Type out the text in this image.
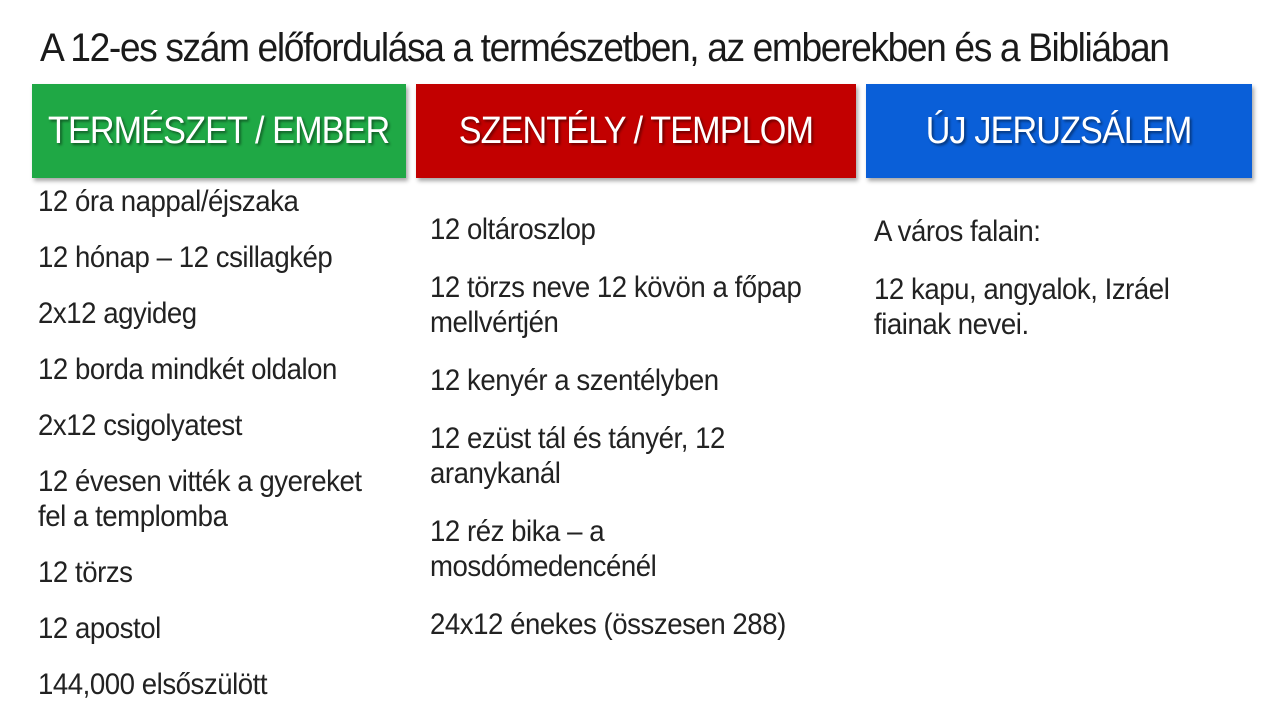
A 12-es szám előfordulása a természetben, az emberekben és a Bibliában
TERMÉSZET / EMBER SZENTÉLY / TEMPLOM	ÚJ JERUZSÁLEM
12 óra nappal/éjszaka
12 hónap – 12 csillagkép
2x12 agyideg
12 borda mindkét oldalon
2x12 csigolyatest
12 évesen vitték a gyereket fel a templomba
12 törzs
12 apostol
144,000 elsőszülött
12 oltároszlop
12 törzs neve 12 kövön a főpap mellvértjén
12 kenyér a szentélyben
12 ezüst tál és tányér, 12 aranykanál
12 réz bika – a mosdómedencénél
24x12 énekes (összesen 288)
A város falain:
12 kapu, angyalok, Izráel fiainak nevei.
